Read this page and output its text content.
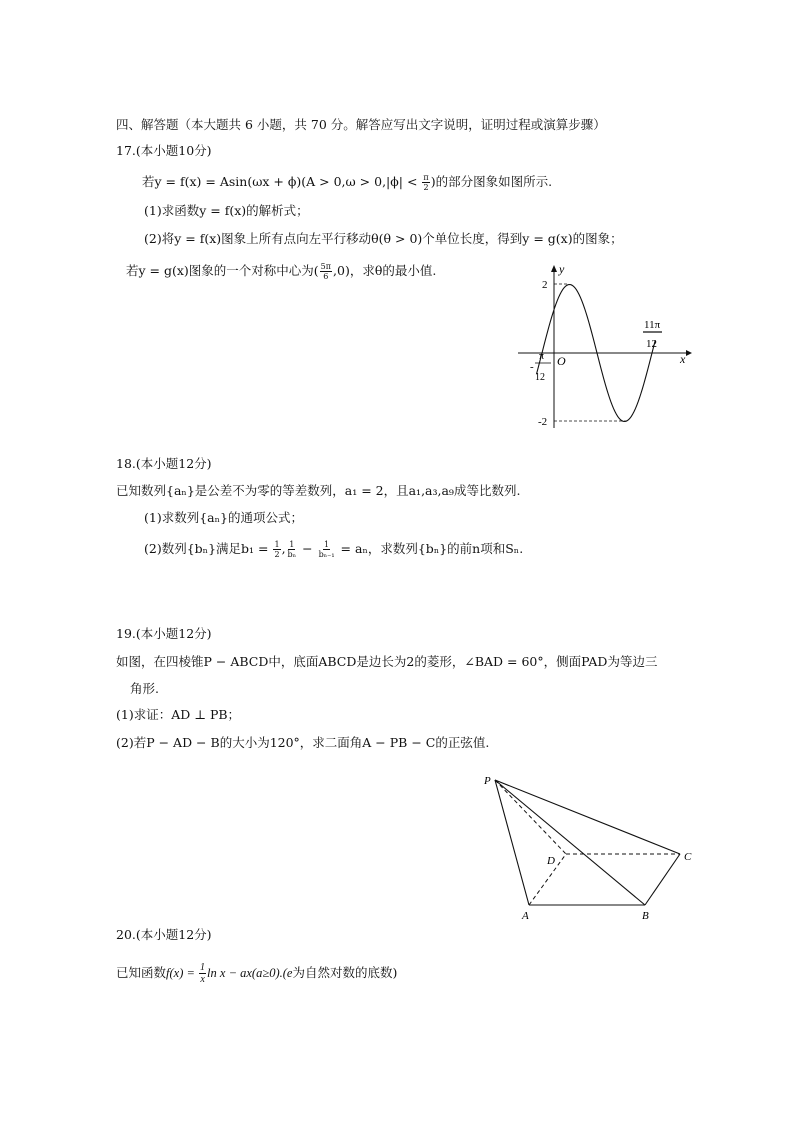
四、解答题（本大题共 6 小题，共 70 分。解答应写出文字说明，证明过程或演算步骤）
17.(本小题10分)
若$y = f(x) = Asin(\omega x + \phi)(A > 0,\omega > 0,|\phi| < \frac{\pi}{2}$ )的部分图象如图所示.
(1)求函数y = f(x)的解析式；
(2)将y = f(x)图象上所有点向左平行移动θ(θ > 0)个单位长度，得到y = g(x)的图象；
若y = g(x)图象的一个对称中心为( $\frac{5\pi}{6} ,0$)，求θ的最小值.	y
x
O
2
-2
-
π
12
11π
12
18.(本小题12分)
已知数列{aₙ}是公差不为零的等差数列，a₁ = 2，且a₁,a₃,a₉成等比数列.
(1)求数列{aₙ}的通项公式；
(2)数列{bₙ}满足$b_1 = \frac{1}{2}$ , $\frac{1}{\text{bₙ}} - \frac{1}{\text{bₙ₋₁}} = a_n$，求数列{bₙ}的前n项和Sₙ.
19.(本小题12分)
如图，在四棱锥P − ABCD中，底面ABCD是边长为2的菱形，∠BAD = 60°，侧面PAD为等边三
角形.
(1)求证：AD ⊥ PB；
(2)若P − AD − B的大小为120°，求二面角A − PB − C的正弦值.
P
A	B
C
D
20.(本小题12分)
已知函数$f(x) = \frac{1}{x}$ ln x − ax(a≥0).(e为自然对数的底数)
